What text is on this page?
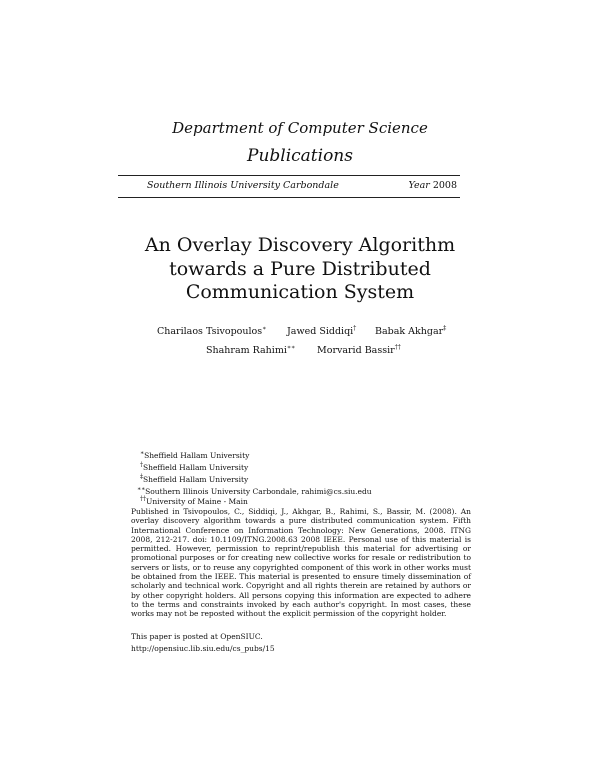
Department of Computer Science
Publications
Southern Illinois University Carbondale	Year 2008
An Overlay Discovery Algorithm towards a Pure Distributed Communication System
Charilaos Tsivopoulos∗ Jawed Siddiqi† Babak Akhgar‡
Shahram Rahimi∗∗ Morvarid Bassir††
∗Sheffield Hallam University
†Sheffield Hallam University
‡Sheffield Hallam University
∗∗Southern Illinois University Carbondale, rahimi@cs.siu.edu
††University of Maine - Main
Published in Tsivopoulos, C., Siddiqi, J., Akhgar, B., Rahimi, S., Bassir, M. (2008). An overlay discovery algorithm towards a pure distributed communication system. Fifth International Conference on Information Technology: New Generations, 2008. ITNG 2008, 212-217. doi: 10.1109/ITNG.2008.63 2008 IEEE. Personal use of this material is permitted. However, permission to reprint/republish this material for advertising or promotional purposes or for creating new collective works for resale or redistribution to servers or lists, or to reuse any copyrighted component of this work in other works must be obtained from the IEEE. This material is presented to ensure timely dissemination of scholarly and technical work. Copyright and all rights therein are retained by authors or by other copyright holders. All persons copying this information are expected to adhere to the terms and constraints invoked by each author's copyright. In most cases, these works may not be reposted without the explicit permission of the copyright holder.
This paper is posted at OpenSIUC.
http://opensiuc.lib.siu.edu/cs_pubs/15
